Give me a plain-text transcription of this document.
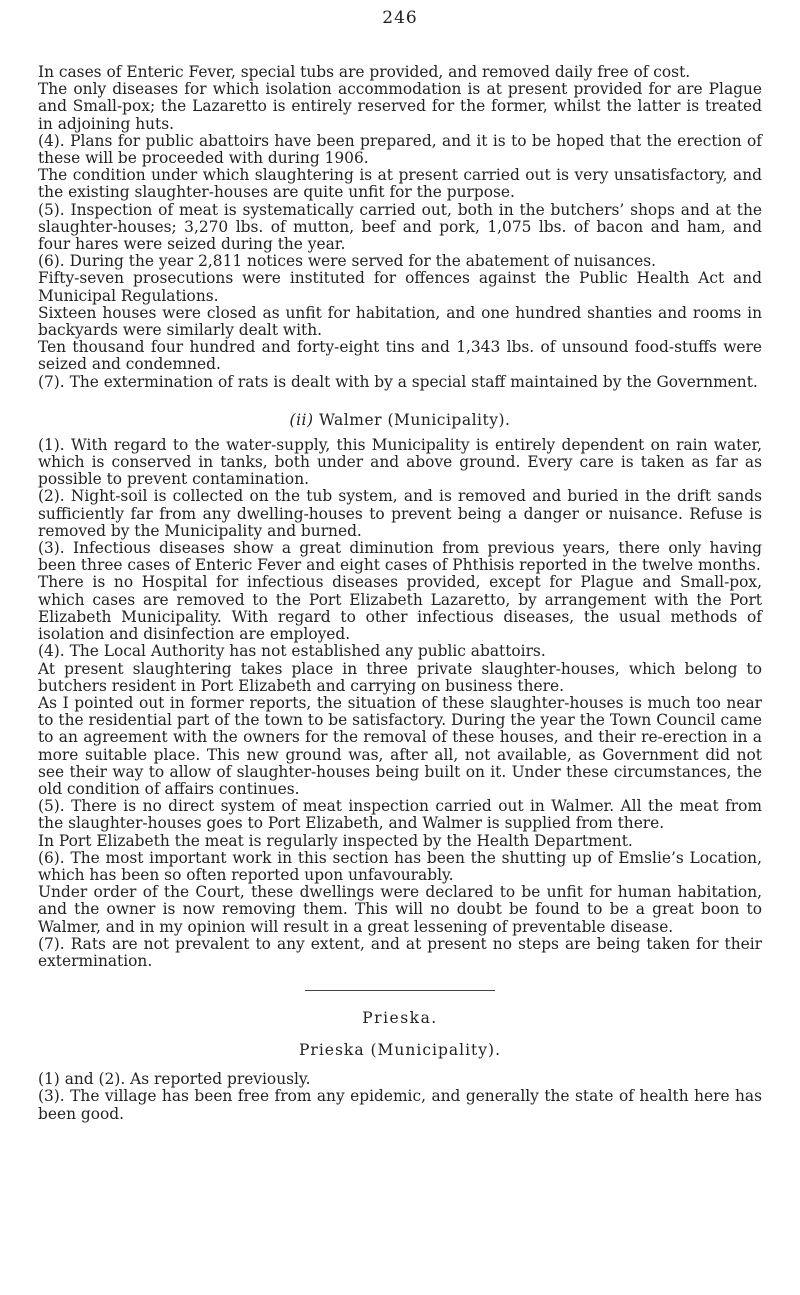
246

In cases of Enteric Fever, special tubs are provided, and removed daily free of cost.

The only diseases for which isolation accommodation is at present provided for are Plague and Small-pox; the Lazaretto is entirely reserved for the former, whilst the latter is treated in adjoining huts.

(4). Plans for public abattoirs have been prepared, and it is to be hoped that the erection of these will be proceeded with during 1906.

The condition under which slaughtering is at present carried out is very unsatisfactory, and the existing slaughter-houses are quite unfit for the purpose.

(5). Inspection of meat is systematically carried out, both in the butchers’ shops and at the slaughter-houses; 3,270 lbs. of mutton, beef and pork, 1,075 lbs. of bacon and ham, and four hares were seized during the year.

(6). During the year 2,811 notices were served for the abatement of nuisances.

Fifty-seven prosecutions were instituted for offences against the Public Health Act and Municipal Regulations.

Sixteen houses were closed as unfit for habitation, and one hundred shanties and rooms in backyards were similarly dealt with.

Ten thousand four hundred and forty-eight tins and 1,343 lbs. of unsound food-stuffs were seized and condemned.

(7). The extermination of rats is dealt with by a special staff maintained by the Government.

(ii) Walmer (Municipality).

(1). With regard to the water-supply, this Municipality is entirely dependent on rain water, which is conserved in tanks, both under and above ground. Every care is taken as far as possible to prevent contamination.

(2). Night-soil is collected on the tub system, and is removed and buried in the drift sands sufficiently far from any dwelling-houses to prevent being a danger or nuisance. Refuse is removed by the Municipality and burned.

(3). Infectious diseases show a great diminution from previous years, there only having been three cases of Enteric Fever and eight cases of Phthisis reported in the twelve months.

There is no Hospital for infectious diseases provided, except for Plague and Small-pox, which cases are removed to the Port Elizabeth Lazaretto, by arrangement with the Port Elizabeth Municipality. With regard to other infectious diseases, the usual methods of isolation and disinfection are employed.

(4). The Local Authority has not established any public abattoirs.

At present slaughtering takes place in three private slaughter-houses, which belong to butchers resident in Port Elizabeth and carrying on business there.

As I pointed out in former reports, the situation of these slaughter-houses is much too near to the residential part of the town to be satisfactory. During the year the Town Council came to an agreement with the owners for the removal of these houses, and their re-erection in a more suitable place. This new ground was, after all, not available, as Government did not see their way to allow of slaughter-houses being built on it. Under these circumstances, the old condition of affairs continues.

(5). There is no direct system of meat inspection carried out in Walmer. All the meat from the slaughter-houses goes to Port Elizabeth, and Walmer is supplied from there.

In Port Elizabeth the meat is regularly inspected by the Health Department.

(6). The most important work in this section has been the shutting up of Emslie’s Location, which has been so often reported upon unfavourably.

Under order of the Court, these dwellings were declared to be unfit for human habitation, and the owner is now removing them. This will no doubt be found to be a great boon to Walmer, and in my opinion will result in a great lessening of preventable disease.

(7). Rats are not prevalent to any extent, and at present no steps are being taken for their extermination.

Prieska.
Prieska (Municipality).

(1) and (2). As reported previously.

(3). The village has been free from any epidemic, and generally the state of health here has been good.
